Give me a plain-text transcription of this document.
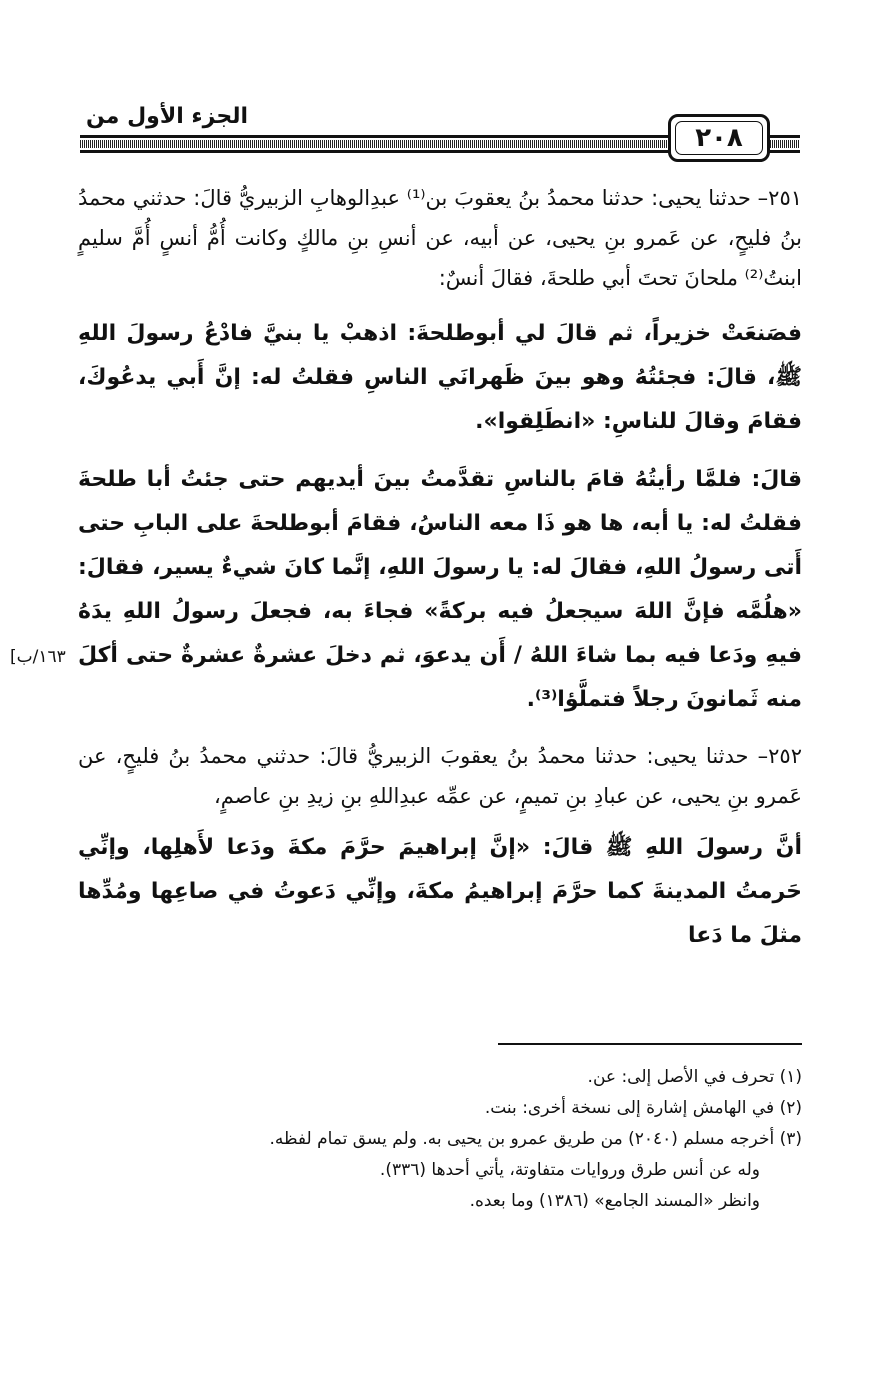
الجزء الأول من
٢٠٨
١٦٣/ب]

٢٥١– حدثنا يحيى: حدثنا محمدُ بنُ يعقوبَ بن⁽¹⁾ عبدِالوهابِ الزبيريُّ قالَ: حدثني محمدُ بنُ فليحٍ، عن عَمرو بنِ يحيى، عن أبيه، عن أنسِ بنِ مالكٍ وكانت أُمُّ أنسٍ أُمَّ سليمٍ ابنتُ⁽²⁾ ملحانَ تحتَ أبي طلحةَ، فقالَ أنسٌ:

فصَنعَتْ خزيراً، ثم قالَ لي أبوطلحةَ: اذهبْ يا بنيَّ فادْعُ رسولَ اللهِ ﷺ، قالَ: فجئتُهُ وهو بينَ ظَهرانَي الناسِ فقلتُ له: إنَّ أَبي يدعُوكَ، فقامَ وقالَ للناسِ: «انطَلِقوا».

قالَ: فلمَّا رأيتُهُ قامَ بالناسِ تقدَّمتُ بينَ أيديهم حتى جئتُ أبا طلحةَ فقلتُ له: يا أبه، ها هو ذَا معه الناسُ، فقامَ أبوطلحةَ على البابِ حتى أَتى رسولُ اللهِ، فقالَ له: يا رسولَ اللهِ، إنَّما كانَ شيءٌ يسير، فقالَ: «هلُمَّه فإنَّ اللهَ سيجعلُ فيه بركةً» فجاءَ به، فجعلَ رسولُ اللهِ يدَهُ فيهِ ودَعا فيه بما شاءَ اللهُ / أَن يدعوَ، ثم دخلَ عشرةٌ عشرةٌ حتى أكلَ منه ثَمانونَ رجلاً فتملَّؤا⁽³⁾.

٢٥٢– حدثنا يحيى: حدثنا محمدُ بنُ يعقوبَ الزبيريُّ قالَ: حدثني محمدُ بنُ فليحٍ، عن عَمرو بنِ يحيى، عن عبادِ بنِ تميمٍ، عن عمِّه عبدِاللهِ بنِ زيدِ بنِ عاصمٍ،

أنَّ رسولَ اللهِ ﷺ قالَ: «إنَّ إبراهيمَ حرَّمَ مكةَ ودَعا لأَهلِها، وإنِّي حَرمتُ المدينةَ كما حرَّمَ إبراهيمُ مكةَ، وإنِّي دَعوتُ في صاعِها ومُدِّها مثلَ ما دَعا

(١) تحرف في الأصل إلى: عن.

(٢) في الهامش إشارة إلى نسخة أخرى: بنت.

(٣) أخرجه مسلم (٢٠٤٠) من طريق عمرو بن يحيى به. ولم يسق تمام لفظه.

وله عن أنس طرق وروايات متفاوتة، يأتي أحدها (٣٣٦).

وانظر «المسند الجامع» (١٣٨٦) وما بعده.
